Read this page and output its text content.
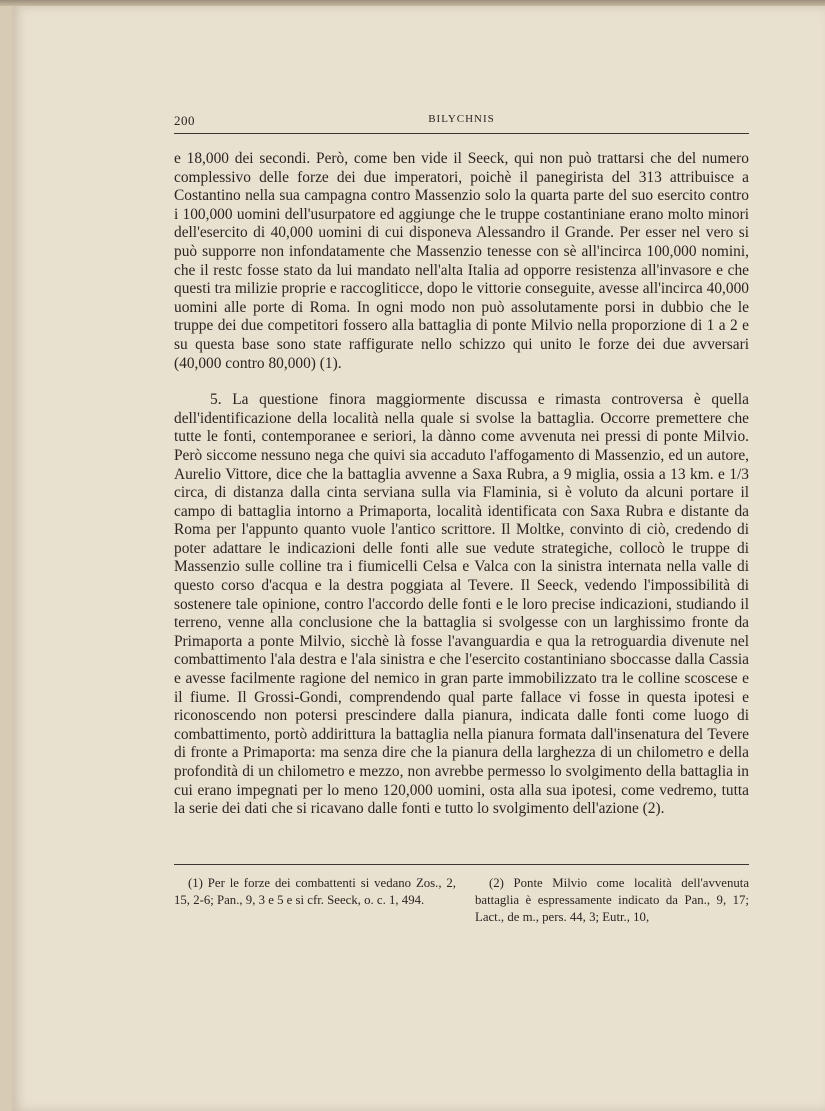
200	BILYCHNIS

e 18,000 dei secondi. Però, come ben vide il Seeck, qui non può trattarsi che del numero complessivo delle forze dei due imperatori, poichè il panegirista del 313 attribuisce a Costantino nella sua campagna contro Massenzio solo la quarta parte del suo esercito contro i 100,000 uomini dell'usurpatore ed aggiunge che le truppe costantiniane erano molto minori dell'esercito di 40,000 uomini di cui disponeva Alessandro il Grande. Per esser nel vero si può supporre non infondatamente che Massenzio tenesse con sè all'incirca 100,000 nomini, che il restc fosse stato da lui mandato nell'alta Italia ad opporre resistenza all'invasore e che questi tra milizie proprie e raccogliticce, dopo le vittorie conseguite, avesse all'incirca 40,000 uomini alle porte di Roma. In ogni modo non può assolutamente porsi in dubbio che le truppe dei due competitori fossero alla battaglia di ponte Milvio nella proporzione di 1 a 2 e su questa base sono state raffigurate nello schizzo qui unito le forze dei due avversari (40,000 contro 80,000) (1).

5. La questione finora maggiormente discussa e rimasta controversa è quella dell'identificazione della località nella quale si svolse la battaglia. Occorre premettere che tutte le fonti, contemporanee e seriori, la dànno come avvenuta nei pressi di ponte Milvio. Però siccome nessuno nega che quivi sia accaduto l'affogamento di Massenzio, ed un autore, Aurelio Vittore, dice che la battaglia avvenne a Saxa Rubra, a 9 miglia, ossia a 13 km. e 1/3 circa, di distanza dalla cinta serviana sulla via Flaminia, si è voluto da alcuni portare il campo di battaglia intorno a Primaporta, località identificata con Saxa Rubra e distante da Roma per l'appunto quanto vuole l'antico scrittore. Il Moltke, convinto di ciò, credendo di poter adattare le indicazioni delle fonti alle sue vedute strategiche, collocò le truppe di Massenzio sulle colline tra i fiumicelli Celsa e Valca con la sinistra internata nella valle di questo corso d'acqua e la destra poggiata al Tevere. Il Seeck, vedendo l'impossibilità di sostenere tale opinione, contro l'accordo delle fonti e le loro precise indicazioni, studiando il terreno, venne alla conclusione che la battaglia si svolgesse con un larghissimo fronte da Primaporta a ponte Milvio, sicchè là fosse l'avanguardia e qua la retroguardia divenute nel combattimento l'ala destra e l'ala sinistra e che l'esercito costantiniano sboccasse dalla Cassia e avesse facilmente ragione del nemico in gran parte immobilizzato tra le colline scoscese e il fiume. Il Grossi-Gondi, comprendendo qual parte fallace vi fosse in questa ipotesi e riconoscendo non potersi prescindere dalla pianura, indicata dalle fonti come luogo di combattimento, portò addirittura la battaglia nella pianura formata dall'insenatura del Tevere di fronte a Primaporta: ma senza dire che la pianura della larghezza di un chilometro e della profondità di un chilometro e mezzo, non avrebbe permesso lo svolgimento della battaglia in cui erano impegnati per lo meno 120,000 uomini, osta alla sua ipotesi, come vedremo, tutta la serie dei dati che si ricavano dalle fonti e tutto lo svolgimento dell'azione (2).

(1) Per le forze dei combattenti si vedano Zos., 2, 15, 2-6; Pan., 9, 3 e 5 e si cfr. Seeck, o. c. 1, 494.
(2) Ponte Milvio come località dell'avvenuta battaglia è espressamente indicato da Pan., 9, 17; Lact., de m., pers. 44, 3; Eutr., 10,
